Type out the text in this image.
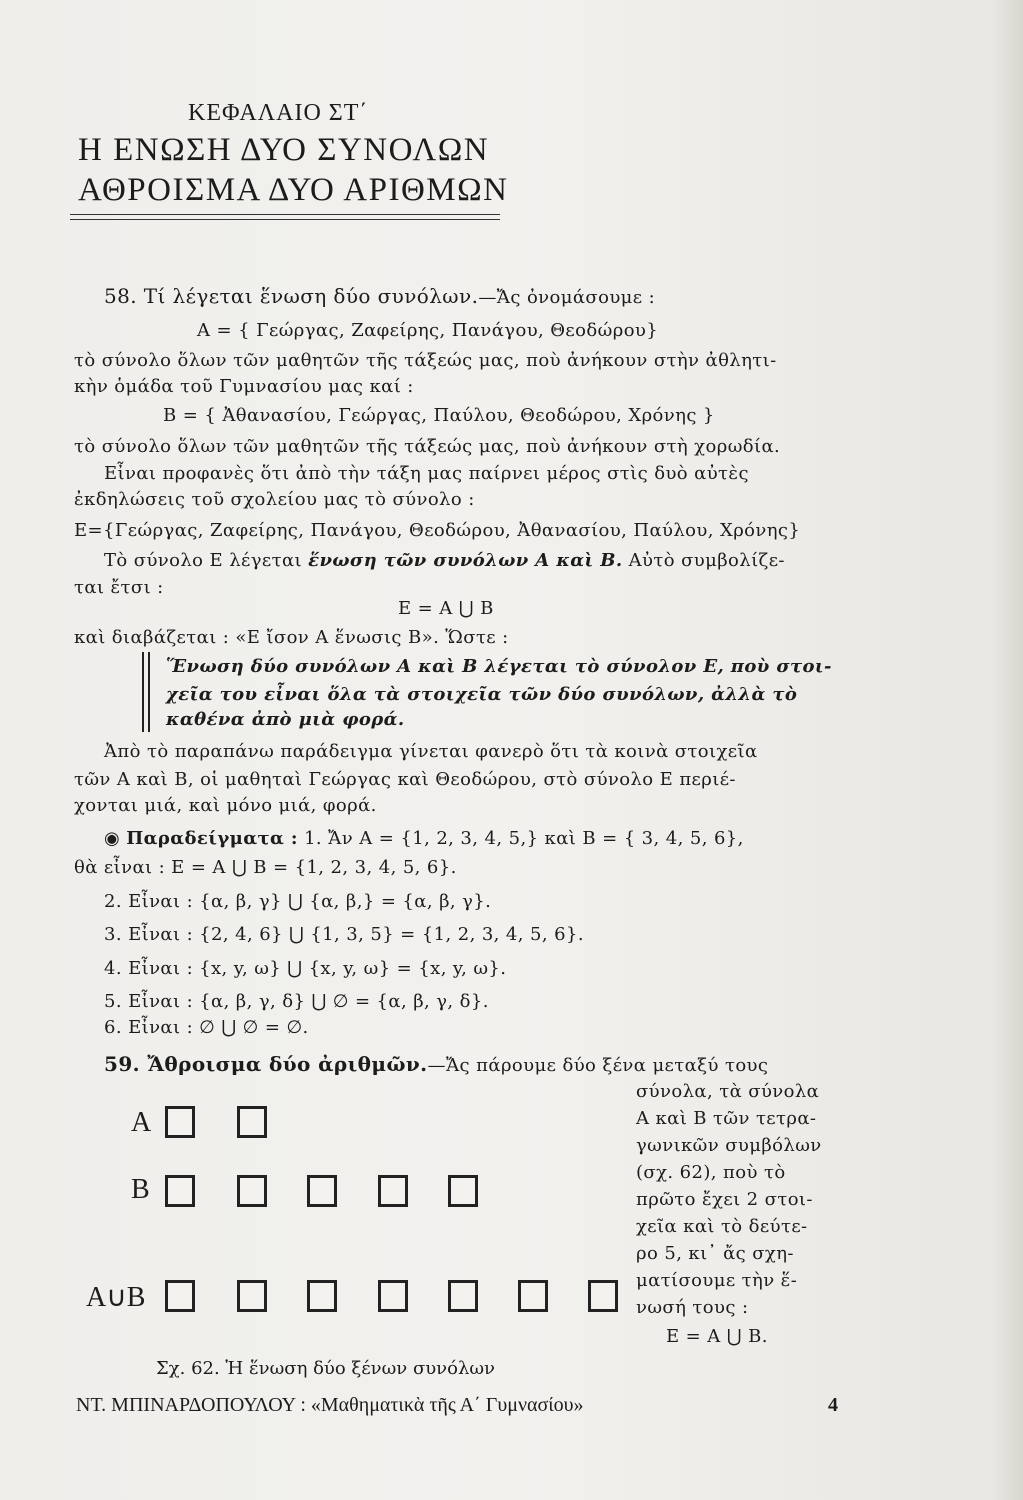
ΚΕΦΑΛΑΙΟ ΣΤ΄
Η ΕΝΩΣΗ ΔΥΟ ΣΥΝΟΛΩΝ
ΑΘΡΟΙΣΜΑ ΔΥΟ ΑΡΙΘΜΩΝ
58. Τί λέγεται ἕνωση δύο συνόλων.—Ἄς ὀνομάσουμε :
A = { Γεώργας, Ζαφείρης, Πανάγου, Θεοδώρου}
τὸ σύνολο ὅλων τῶν μαθητῶν τῆς τάξεώς μας, ποὺ ἀνήκουν στὴν ἀθλητι-
κὴν ὁμάδα τοῦ Γυμνασίου μας καί :
B = { Ἀθανασίου, Γεώργας, Παύλου, Θεοδώρου, Χρόνης }
τὸ σύνολο ὅλων τῶν μαθητῶν τῆς τάξεώς μας, ποὺ ἀνήκουν στὴ χορωδία.
Εἶναι προφανὲς ὅτι ἀπὸ τὴν τάξη μας παίρνει μέρος στὶς δυὸ αὐτὲς
ἐκδηλώσεις τοῦ σχολείου μας τὸ σύνολο :
E={Γεώργας, Ζαφείρης, Πανάγου, Θεοδώρου, Ἀθανασίου, Παύλου, Χρόνης}
Τὸ σύνολο E λέγεται ἕνωση τῶν συνόλων A καὶ B. Αὐτὸ συμβολίζε-
ται ἔτσι :
E = A ⋃ B
καὶ διαβάζεται : «E ἴσον A ἕνωσις B». Ὥστε :
Ἕνωση δύο συνόλων A καὶ B λέγεται τὸ σύνολον E, ποὺ στοι-
χεῖα του εἶναι ὅλα τὰ στοιχεῖα τῶν δύο συνόλων, ἀλλὰ τὸ
καθένα ἀπὸ μιὰ φορά.
Ἀπὸ τὸ παραπάνω παράδειγμα γίνεται φανερὸ ὅτι τὰ κοινὰ στοιχεῖα
τῶν A καὶ B, οἱ μαθηταὶ Γεώργας καὶ Θεοδώρου, στὸ σύνολο E περιέ-
χονται μιά, καὶ μόνο μιά, φορά.
◉ Παραδείγματα : 1. Ἄν A = {1, 2, 3, 4, 5,} καὶ B = { 3, 4, 5, 6},
θὰ εἶναι : E = A ⋃ B = {1, 2, 3, 4, 5, 6}.
2. Εἶναι : {α, β, γ} ⋃ {α, β,} = {α, β, γ}.
3. Εἶναι : {2, 4, 6} ⋃ {1, 3, 5} = {1, 2, 3, 4, 5, 6}.
4. Εἶναι : {x, y, ω} ⋃ {x, y, ω} = {x, y, ω}.
5. Εἶναι : {α, β, γ, δ} ⋃ ∅ = {α, β, γ, δ}.
6. Εἶναι : ∅ ⋃ ∅ = ∅.
59. Ἄθροισμα δύο ἀριθμῶν.—Ἄς πάρουμε δύο ξένα μεταξύ τους
σύνολα, τὰ σύνολα
A καὶ B τῶν τετρα-
γωνικῶν συμβόλων
(σχ. 62), ποὺ τὸ
πρῶτο ἔχει 2 στοι-
χεῖα καὶ τὸ δεύτε-
ρο 5, κι᾽ ἄς σχη-
ματίσουμε τὴν ἕ-
νωσή τους :
E = A ⋃ B.
A
B
A∪B
Σχ. 62. Ἡ ἕνωση δύο ξένων συνόλων
ΝΤ. ΜΠΙΝΑΡΔΟΠΟΥΛΟΥ : «Μαθηματικὰ τῆς Α΄ Γυμνασίου»	4
